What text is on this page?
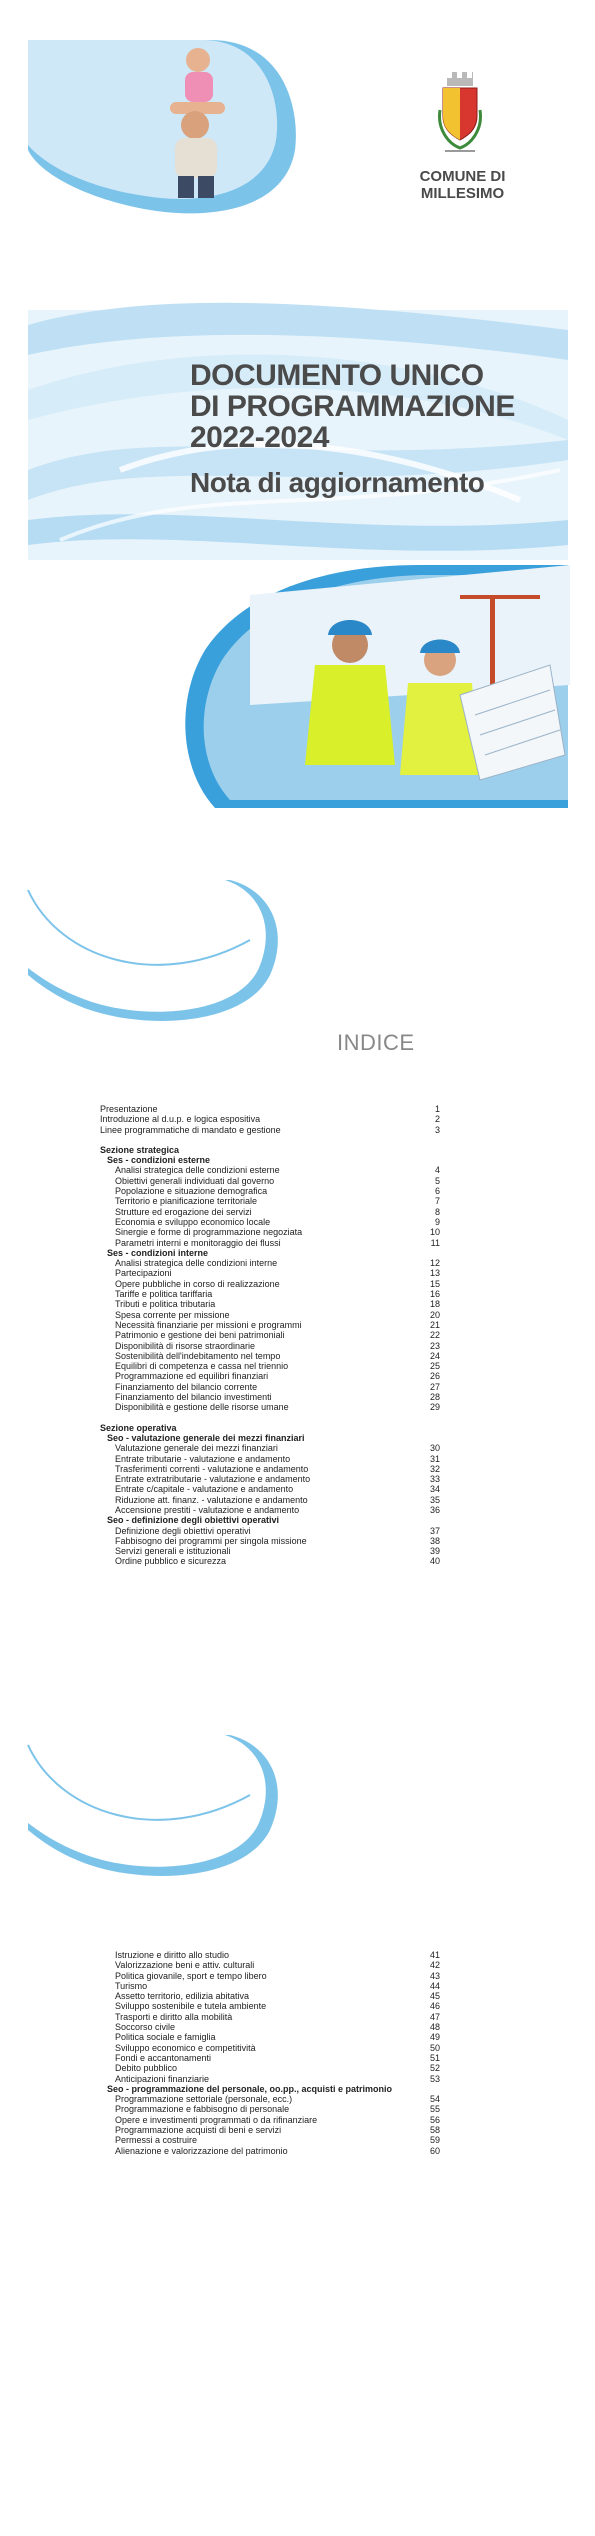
COMUNE DI
MILLESIMO
DOCUMENTO UNICO
DI PROGRAMMAZIONE
2022-2024
Nota di aggiornamento
INDICE
Presentazione	1
Introduzione al d.u.p. e logica espositiva	2
Linee programmatiche di mandato e gestione	3
Sezione strategica
Ses - condizioni esterne
Analisi strategica delle condizioni esterne	4
Obiettivi generali individuati dal governo	5
Popolazione e situazione demografica	6
Territorio e pianificazione territoriale	7
Strutture ed erogazione dei servizi	8
Economia e sviluppo economico locale	9
Sinergie e forme di programmazione negoziata	10
Parametri interni e monitoraggio dei flussi	11
Ses - condizioni interne
Analisi strategica delle condizioni interne	12
Partecipazioni	13
Opere pubbliche in corso di realizzazione	15
Tariffe e politica tariffaria	16
Tributi e politica tributaria	18
Spesa corrente per missione	20
Necessità finanziarie per missioni e programmi	21
Patrimonio e gestione dei beni patrimoniali	22
Disponibilità di risorse straordinarie	23
Sostenibilità dell'indebitamento nel tempo	24
Equilibri di competenza e cassa nel triennio	25
Programmazione ed equilibri finanziari	26
Finanziamento del bilancio corrente	27
Finanziamento del bilancio investimenti	28
Disponibilità e gestione delle risorse umane	29
Sezione operativa
Seo - valutazione generale dei mezzi finanziari
Valutazione generale dei mezzi finanziari	30
Entrate tributarie - valutazione e andamento	31
Trasferimenti correnti - valutazione e andamento	32
Entrate extratributarie - valutazione e andamento	33
Entrate c/capitale - valutazione e andamento	34
Riduzione att. finanz. - valutazione e andamento	35
Accensione prestiti - valutazione e andamento	36
Seo - definizione degli obiettivi operativi
Definizione degli obiettivi operativi	37
Fabbisogno dei programmi per singola missione	38
Servizi generali e istituzionali	39
Ordine pubblico e sicurezza	40
Istruzione e diritto allo studio	41
Valorizzazione beni e attiv. culturali	42
Politica giovanile, sport e tempo libero	43
Turismo	44
Assetto territorio, edilizia abitativa	45
Sviluppo sostenibile e tutela ambiente	46
Trasporti e diritto alla mobilità	47
Soccorso civile	48
Politica sociale e famiglia	49
Sviluppo economico e competitività	50
Fondi e accantonamenti	51
Debito pubblico	52
Anticipazioni finanziarie	53
Seo - programmazione del personale, oo.pp., acquisti e patrimonio
Programmazione settoriale (personale, ecc.)	54
Programmazione e fabbisogno di personale	55
Opere e investimenti programmati o da rifinanziare	56
Programmazione acquisti di beni e servizi	58
Permessi a costruire	59
Alienazione e valorizzazione del patrimonio	60
